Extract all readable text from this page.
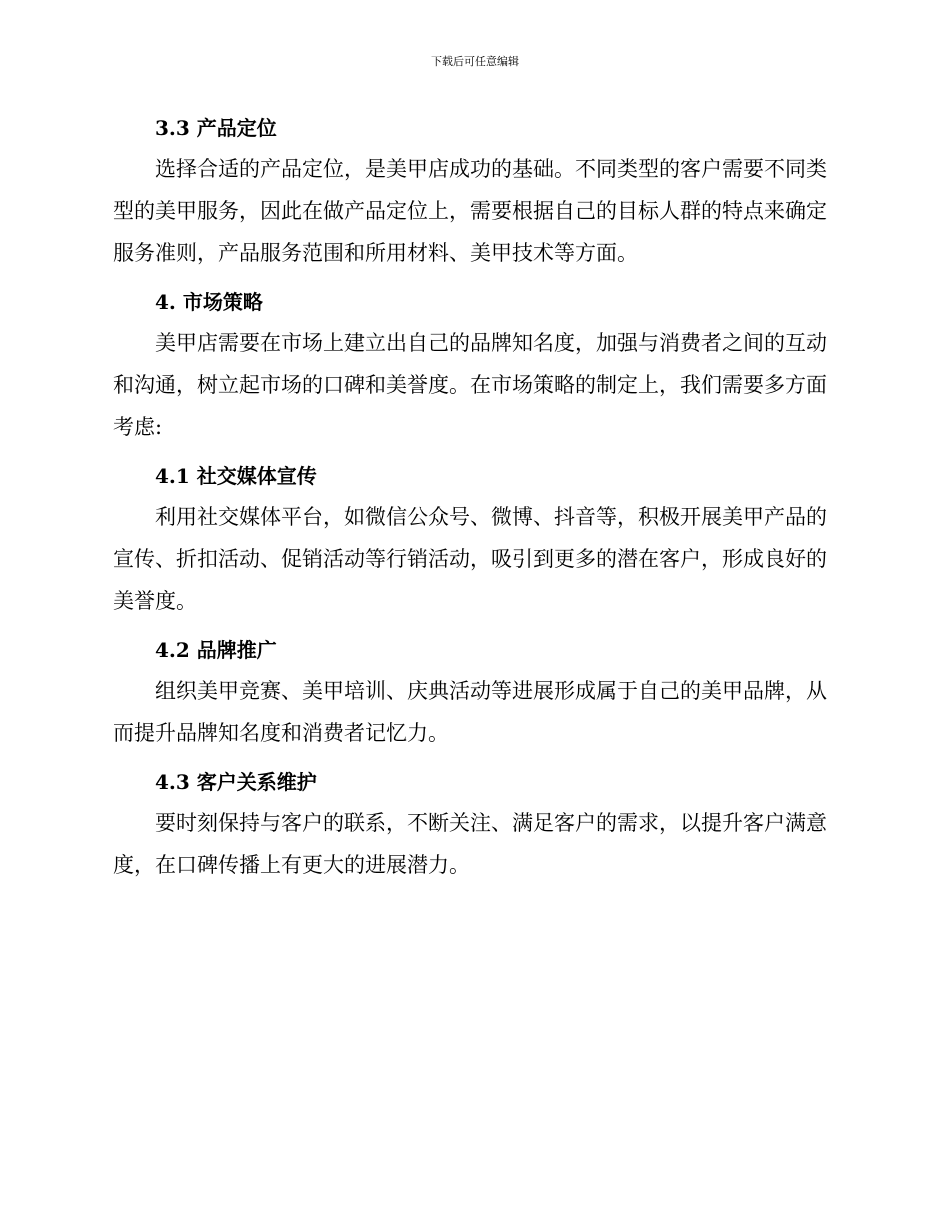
下载后可任意编辑
3.3 产品定位

选择合适的产品定位，是美甲店成功的基础。不同类型的客户需要不同类型的美甲服务，因此在做产品定位上，需要根据自己的目标人群的特点来确定服务准则，产品服务范围和所用材料、美甲技术等方面。

4. 市场策略

美甲店需要在市场上建立出自己的品牌知名度，加强与消费者之间的互动和沟通，树立起市场的口碑和美誉度。在市场策略的制定上，我们需要多方面考虑:

4.1 社交媒体宣传

利用社交媒体平台，如微信公众号、微博、抖音等，积极开展美甲产品的宣传、折扣活动、促销活动等行销活动，吸引到更多的潜在客户，形成良好的美誉度。

4.2 品牌推广

组织美甲竞赛、美甲培训、庆典活动等进展形成属于自己的美甲品牌，从而提升品牌知名度和消费者记忆力。

4.3 客户关系维护

要时刻保持与客户的联系，不断关注、满足客户的需求，以提升客户满意度，在口碑传播上有更大的进展潜力。
